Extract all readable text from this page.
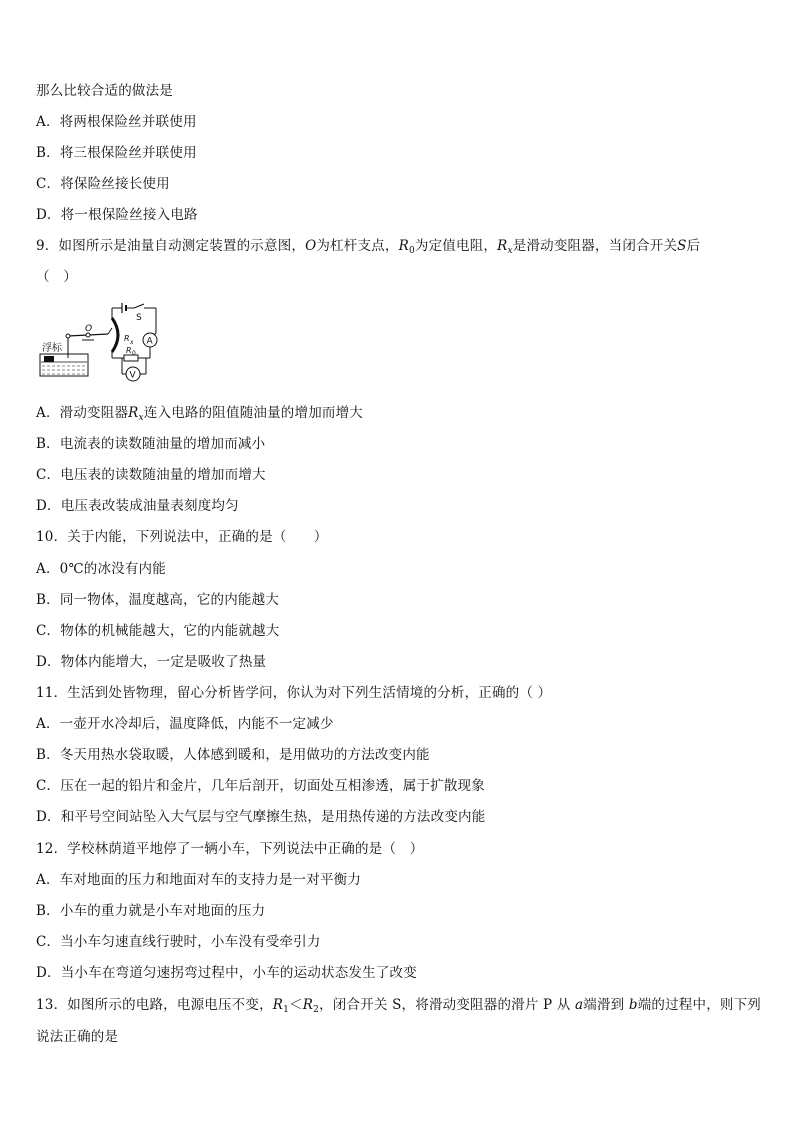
那么比较合适的做法是
A．将两根保险丝并联使用
B．将三根保险丝并联使用
C．将保险丝接长使用
D．将一根保险丝接入电路
9．如图所示是油量自动测定装置的示意图，O为杠杆支点，$R_0$为定值电阻，$R_x$是滑动变阻器，当闭合开关S后
（　）
浮标
O
R x
S
A
R 0
V
A．滑动变阻器$R_x$连入电路的阻值随油量的增加而增大
B．电流表的读数随油量的增加而减小
C．电压表的读数随油量的增加而增大
D．电压表改装成油量表刻度均匀
10．关于内能，下列说法中，正确的是（　　）
A．0℃的冰没有内能
B．同一物体，温度越高，它的内能越大
C．物体的机械能越大，它的内能就越大
D．物体内能增大，一定是吸收了热量
11．生活到处皆物理，留心分析皆学问，你认为对下列生活情境的分析，正确的（ ）
A．一壶开水冷却后，温度降低，内能不一定减少
B．冬天用热水袋取暖，人体感到暖和，是用做功的方法改变内能
C．压在一起的铅片和金片，几年后剖开，切面处互相渗透，属于扩散现象
D．和平号空间站坠入大气层与空气摩擦生热，是用热传递的方法改变内能
12．学校林荫道平地停了一辆小车，下列说法中正确的是（　）
A．车对地面的压力和地面对车的支持力是一对平衡力
B．小车的重力就是小车对地面的压力
C．当小车匀速直线行驶时，小车没有受牵引力
D．当小车在弯道匀速拐弯过程中，小车的运动状态发生了改变
13．如图所示的电路，电源电压不变，$R_1<R_2$，闭合开关 S，将滑动变阻器的滑片 P 从 a端滑到 b端的过程中，则下列
说法正确的是
